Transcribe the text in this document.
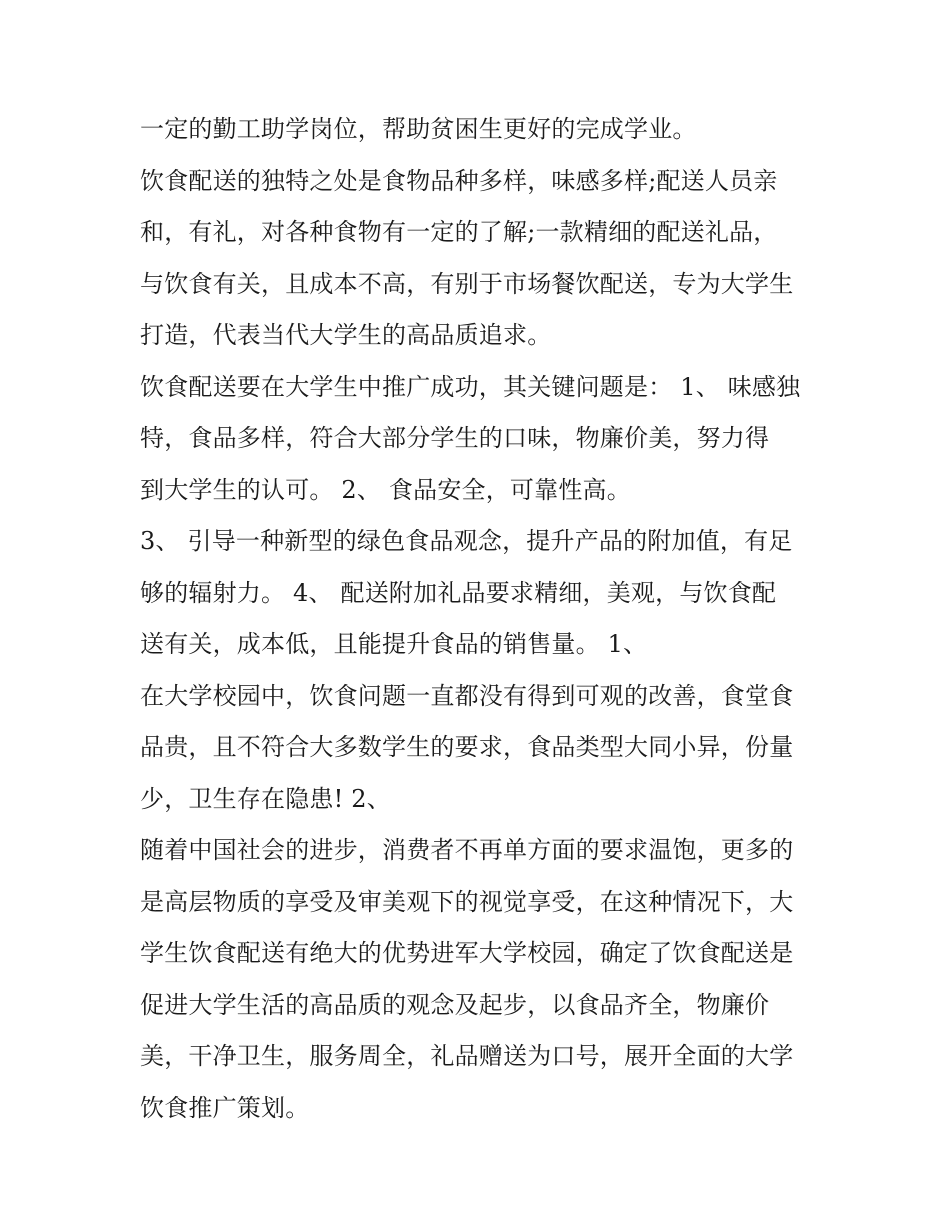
一定的勤工助学岗位，帮助贫困生更好的完成学业。
饮食配送的独特之处是食物品种多样，味感多样;配送人员亲
和，有礼，对各种食物有一定的了解;一款精细的配送礼品，
与饮食有关，且成本不高，有别于市场餐饮配送，专为大学生
打造，代表当代大学生的高品质追求。
饮食配送要在大学生中推广成功，其关键问题是： 1、 味感独
特，食品多样，符合大部分学生的口味，物廉价美，努力得
到大学生的认可。 2、 食品安全，可靠性高。
3、 引导一种新型的绿色食品观念，提升产品的附加值，有足
够的辐射力。 4、 配送附加礼品要求精细，美观，与饮食配
送有关，成本低，且能提升食品的销售量。 1、
在大学校园中，饮食问题一直都没有得到可观的改善，食堂食
品贵，且不符合大多数学生的要求，食品类型大同小异，份量
少，卫生存在隐患! 2、
随着中国社会的进步，消费者不再单方面的要求温饱，更多的
是高层物质的享受及审美观下的视觉享受，在这种情况下，大
学生饮食配送有绝大的优势进军大学校园，确定了饮食配送是
促进大学生活的高品质的观念及起步，以食品齐全，物廉价
美，干净卫生，服务周全，礼品赠送为口号，展开全面的大学
饮食推广策划。
